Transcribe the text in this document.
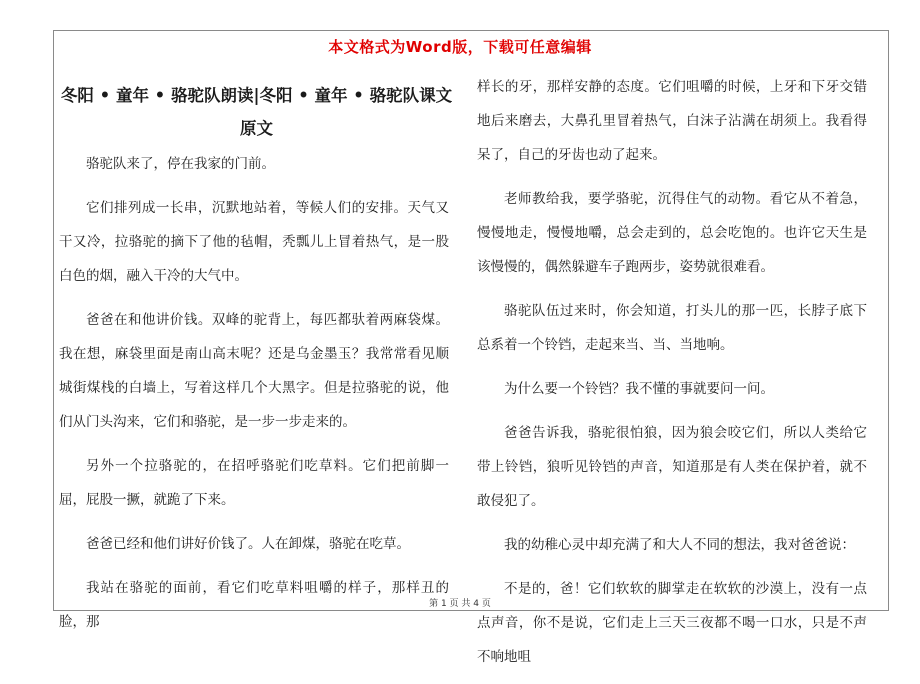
本文格式为Word版，下载可任意编辑
冬阳 • 童年 • 骆驼队朗读|冬阳 • 童年 • 骆驼队课文原文

骆驼队来了，停在我家的门前。

它们排列成一长串，沉默地站着，等候人们的安排。天气又干又冷，拉骆驼的摘下了他的毡帽，秃瓢儿上冒着热气，是一股白色的烟，融入干冷的大气中。

爸爸在和他讲价钱。双峰的驼背上，每匹都驮着两麻袋煤。我在想，麻袋里面是南山高末呢？还是乌金墨玉？我常常看见顺城街煤栈的白墙上，写着这样几个大黑字。但是拉骆驼的说，他们从门头沟来，它们和骆驼，是一步一步走来的。

另外一个拉骆驼的，在招呼骆驼们吃草料。它们把前脚一屈，屁股一撅，就跪了下来。

爸爸已经和他们讲好价钱了。人在卸煤，骆驼在吃草。

我站在骆驼的面前，看它们吃草料咀嚼的样子，那样丑的脸，那

样长的牙，那样安静的态度。它们咀嚼的时候，上牙和下牙交错地后来磨去，大鼻孔里冒着热气，白沫子沾满在胡须上。我看得呆了，自己的牙齿也动了起来。

老师教给我，要学骆驼，沉得住气的动物。看它从不着急，慢慢地走，慢慢地嚼，总会走到的，总会吃饱的。也许它天生是该慢慢的，偶然躲避车子跑两步，姿势就很难看。

骆驼队伍过来时，你会知道，打头儿的那一匹，长脖子底下总系着一个铃铛，走起来当、当、当地响。

为什么要一个铃铛？我不懂的事就要问一问。

爸爸告诉我，骆驼很怕狼，因为狼会咬它们，所以人类给它带上铃铛，狼听见铃铛的声音，知道那是有人类在保护着，就不敢侵犯了。

我的幼稚心灵中却充满了和大人不同的想法，我对爸爸说：

不是的，爸！它们软软的脚掌走在软软的沙漠上，没有一点点声音，你不是说，它们走上三天三夜都不喝一口水，只是不声不响地咀

第 1 页 共 4 页
